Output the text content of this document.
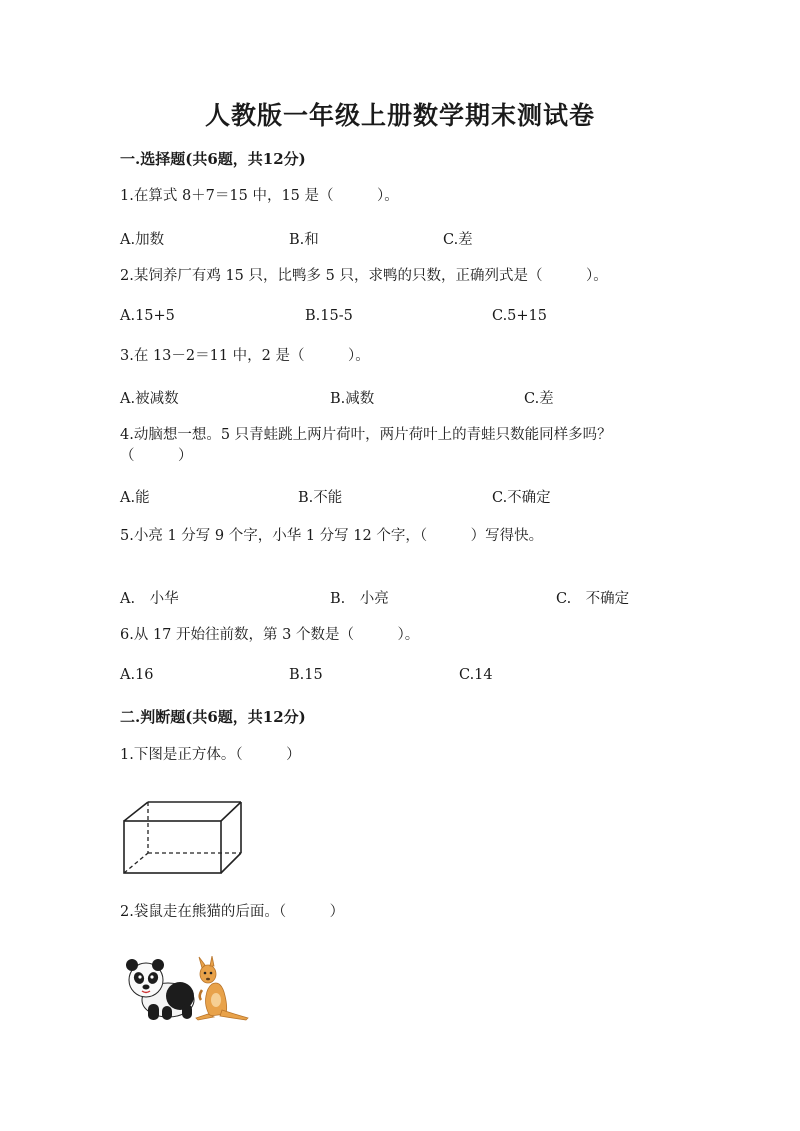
人教版一年级上册数学期末测试卷
一.选择题(共6题，共12分)
1.在算式 8＋7＝15 中，15 是（　　　）。
A.加数	B.和	C.差
2.某饲养厂有鸡 15 只，比鸭多 5 只，求鸭的只数，正确列式是（　　　）。
A.15+5	B.15-5	C.5+15
3.在 13－2＝11 中，2 是（　　　）。
A.被减数	B.减数	C.差
4.动脑想一想。5 只青蛙跳上两片荷叶，两片荷叶上的青蛙只数能同样多吗？
（　　　）
A.能	B.不能	C.不确定
5.小亮 1 分写 9 个字，小华 1 分写 12 个字，（　　　）写得快。
A.　小华	B.　小亮	C.　不确定
6.从 17 开始往前数，第 3 个数是（　　　）。
A.16	B.15	C.14
二.判断题(共6题，共12分)
1.下图是正方体。（　　　）
2.袋鼠走在熊猫的后面。（　　　）
